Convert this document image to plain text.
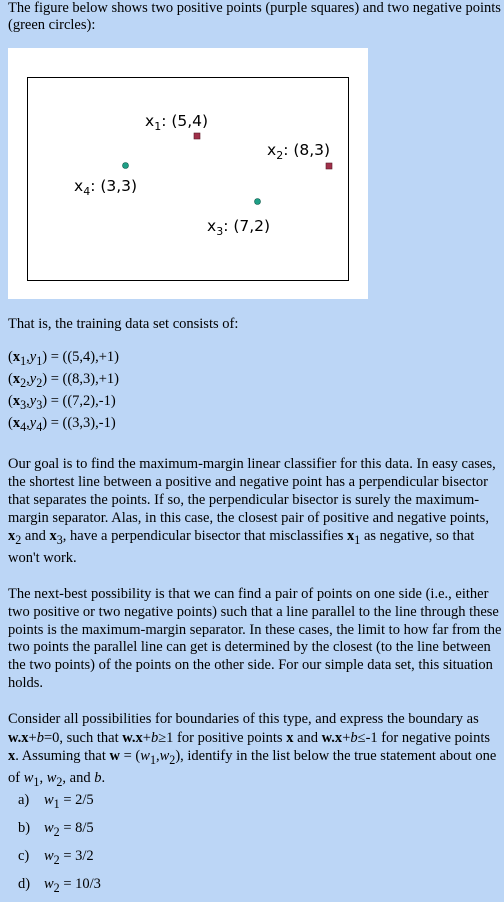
The figure below shows two positive points (purple squares) and two negative points (green circles):

$x_1$: (5,4)
$x_2$: (8,3)
$x_4$: (3,3)
$x_3$: (7,2)

That is, the training data set consists of:

$(x_1,y_1) = ((5,4),+1)$
$(x_2,y_2) = ((8,3),+1)$
$(x_3,y_3) = ((7,2),-1)$
$(x_4,y_4) = ((3,3),-1)$

Our goal is to find the maximum-margin linear classifier for this data. In easy cases, the shortest line between a positive and negative point has a perpendicular bisector that separates the points. If so, the perpendicular bisector is surely the maximum-margin separator. Alas, in this case, the closest pair of positive and negative points, $x_2$ and $x_3$, have a perpendicular bisector that misclassifies $x_1$ as negative, so that won't work.

The next-best possibility is that we can find a pair of points on one side (i.e., either two positive or two negative points) such that a line parallel to the line through these points is the maximum-margin separator. In these cases, the limit to how far from the two points the parallel line can get is determined by the closest (to the line between the two points) of the points on the other side. For our simple data set, this situation holds.

Consider all possibilities for boundaries of this type, and express the boundary as w.x+b=0, such that w.x+b≥1 for positive points x and w.x+b≤-1 for negative points x. Assuming that $w = (w_1,w_2)$, identify in the list below the true statement about one of $w_1$, $w_2$, and b.

a)	$w_1 = 2/5$
b) $w_2 = 8/5$
c)	$w_2 = 3/2$
d) $w_2 = 10/3$
